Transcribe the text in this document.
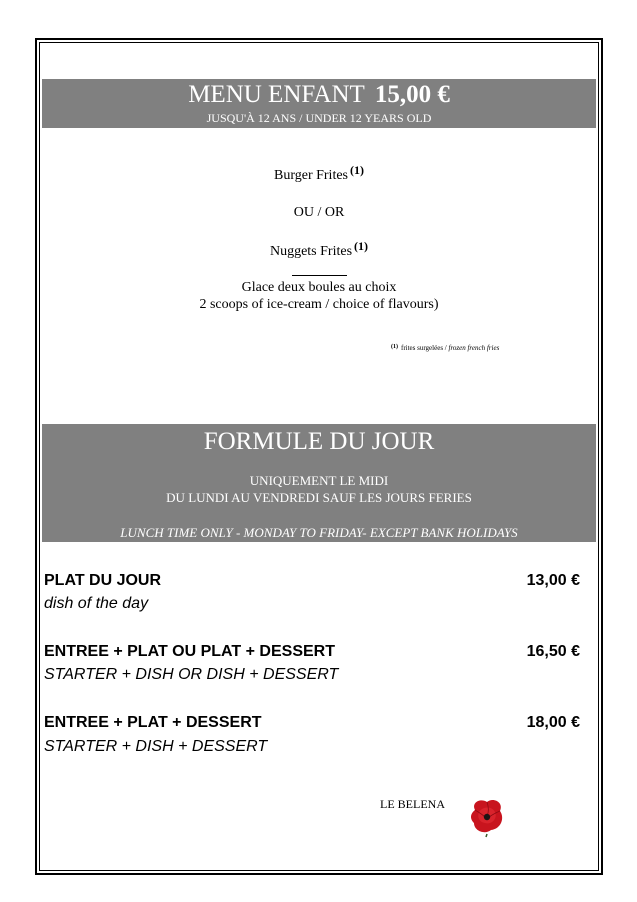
MENU ENFANT 15,00 €
JUSQU'À 12 ANS / UNDER 12 YEARS OLD
Burger Frites $^{(1)}$
OU / OR
Nuggets Frites $^{(1)}$
Glace deux boules au choix
2 scoops of ice-cream / choice of flavours)
(1) frites surgelées / frozen french fries
FORMULE DU JOUR
UNIQUEMENT LE MIDI
DU LUNDI AU VENDREDI SAUF LES JOURS FERIES
LUNCH TIME ONLY - MONDAY TO FRIDAY- EXCEPT BANK HOLIDAYS
PLAT DU JOUR	13,00 €
dish of the day
ENTREE + PLAT OU PLAT + DESSERT	16,50 €
STARTER + DISH OR DISH + DESSERT
ENTREE + PLAT + DESSERT	18,00 €
STARTER + DISH + DESSERT
LE BELENA
